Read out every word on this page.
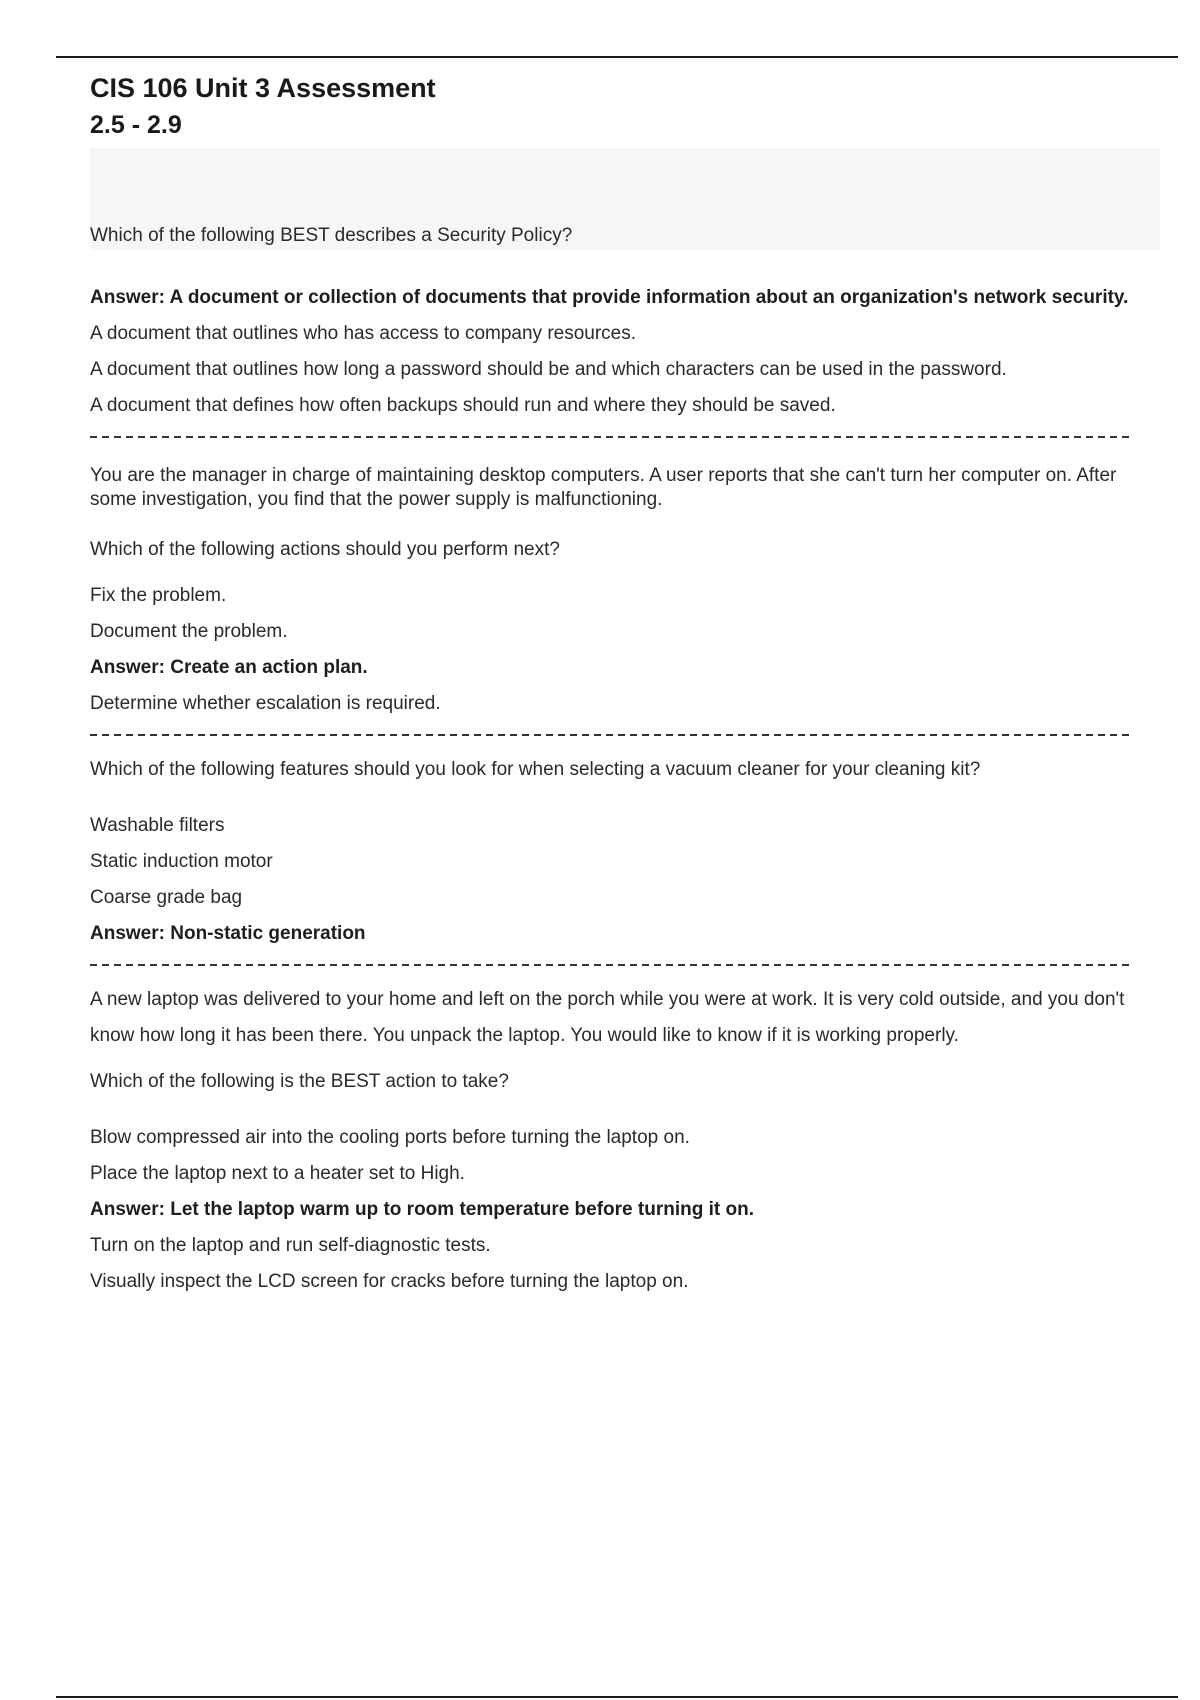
CIS 106 Unit 3 Assessment
2.5 - 2.9
Which of the following BEST describes a Security Policy?
Answer: A document or collection of documents that provide information about an organization's network security.
A document that outlines who has access to company resources.
A document that outlines how long a password should be and which characters can be used in the password.
A document that defines how often backups should run and where they should be saved.
You are the manager in charge of maintaining desktop computers. A user reports that she can't turn her computer on. After some investigation, you find that the power supply is malfunctioning.
Which of the following actions should you perform next?
Fix the problem.
Document the problem.
Answer: Create an action plan.
Determine whether escalation is required.
Which of the following features should you look for when selecting a vacuum cleaner for your cleaning kit?
Washable filters
Static induction motor
Coarse grade bag
Answer: Non-static generation
A new laptop was delivered to your home and left on the porch while you were at work. It is very cold outside, and you don't know how long it has been there. You unpack the laptop. You would like to know if it is working properly.
Which of the following is the BEST action to take?
Blow compressed air into the cooling ports before turning the laptop on.
Place the laptop next to a heater set to High.
Answer: Let the laptop warm up to room temperature before turning it on.
Turn on the laptop and run self-diagnostic tests.
Visually inspect the LCD screen for cracks before turning the laptop on.
